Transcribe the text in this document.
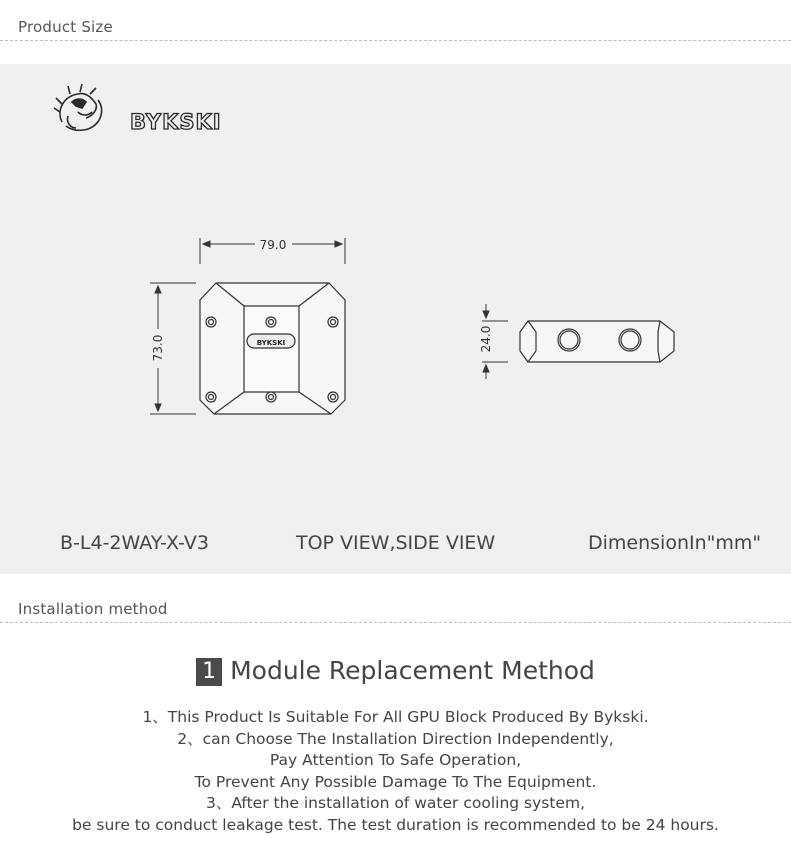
Product Size
BYKSKI
79.0
73.0	BYKSKI	24.0
B-L4-2WAY-X-V3	TOP VIEW,SIDE VIEW	DimensionIn"mm"
Installation method
1 Module Replacement Method
1、This Product Is Suitable For All GPU Block Produced By Bykski.
2、can Choose The Installation Direction Independently,
Pay Attention To Safe Operation,
To Prevent Any Possible Damage To The Equipment.
3、After the installation of water cooling system,
be sure to conduct leakage test. The test duration is recommended to be 24 hours.
